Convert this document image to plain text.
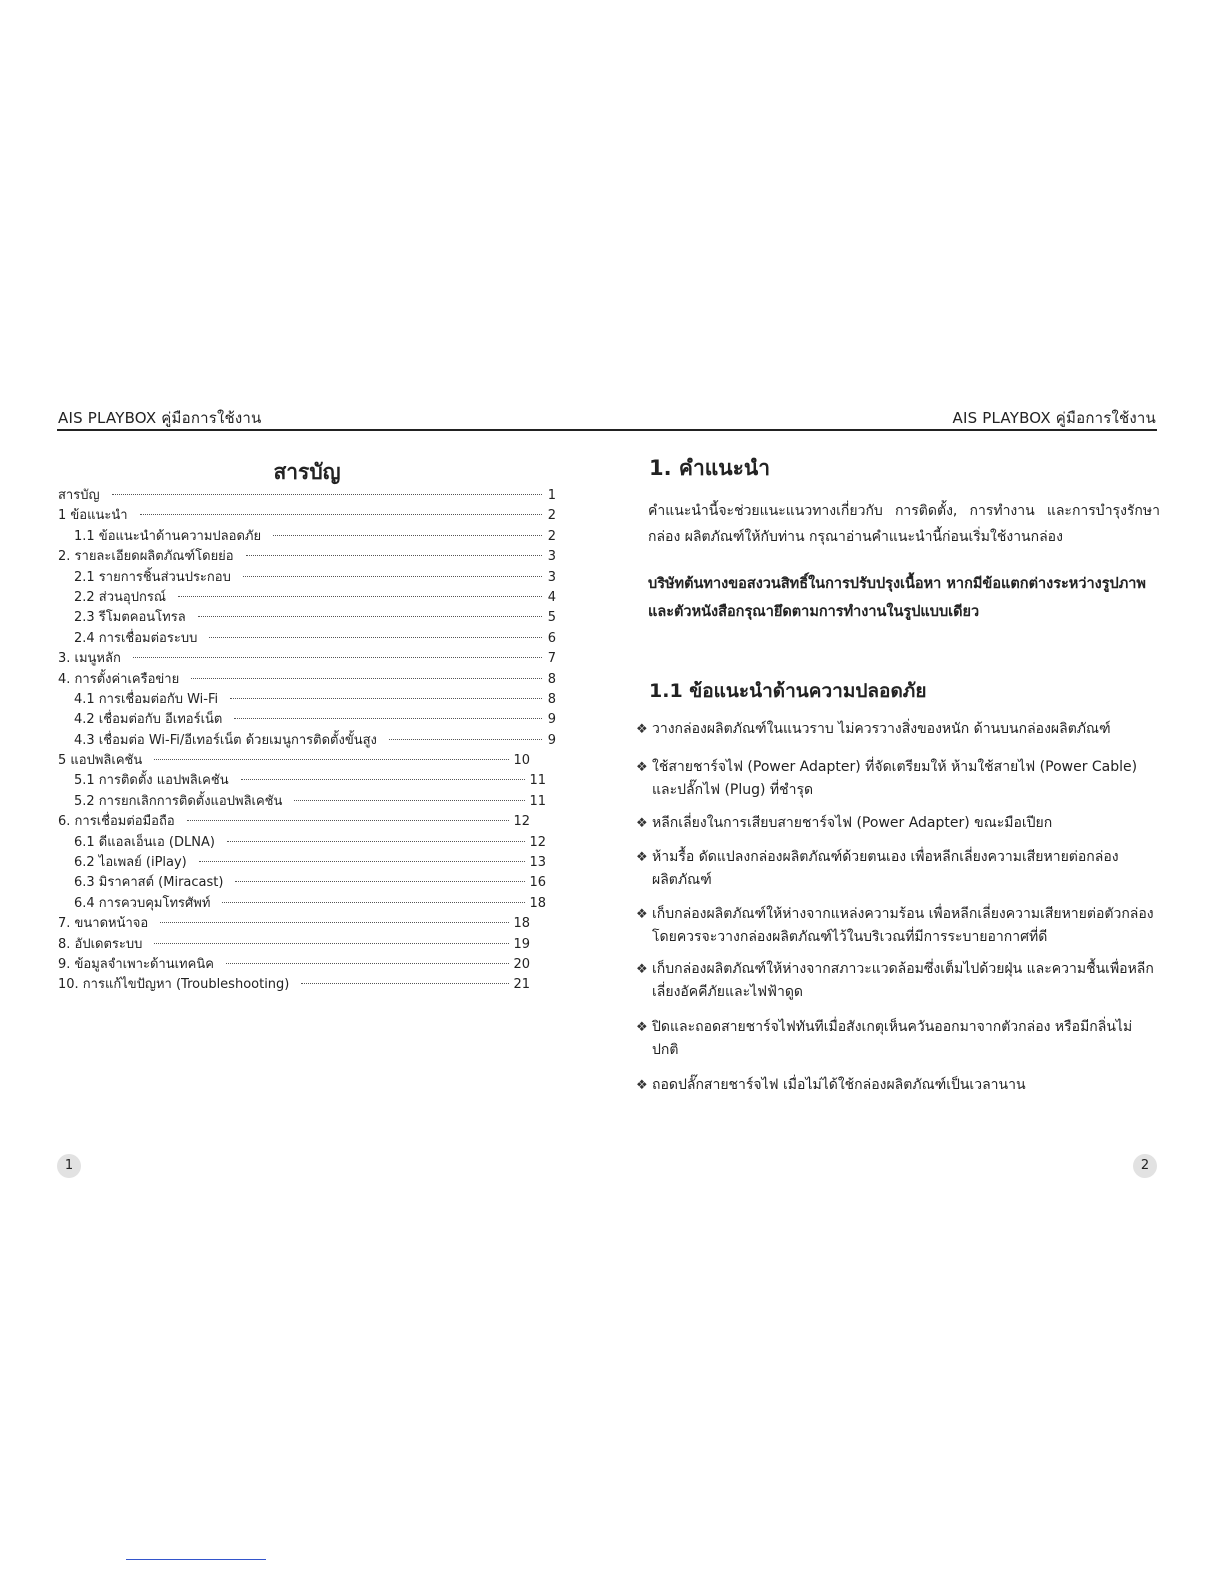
AIS PLAYBOX คู่มือการใช้งาน	AIS PLAYBOX คู่มือการใช้งาน
สารบัญ
สารบัญ	1
1 ข้อแนะนำ	2
1.1 ข้อแนะนำด้านความปลอดภัย	2
2. รายละเอียดผลิตภัณฑ์โดยย่อ	3
2.1 รายการชิ้นส่วนประกอบ	3
2.2 ส่วนอุปกรณ์	4
2.3 รีโมตคอนโทรล	5
2.4 การเชื่อมต่อระบบ	6
3. เมนูหลัก	7
4. การตั้งค่าเครือข่าย	8
4.1 การเชื่อมต่อกับ Wi-Fi	8
4.2 เชื่อมต่อกับ อีเทอร์เน็ต	9
4.3 เชื่อมต่อ Wi-Fi/อีเทอร์เน็ต ด้วยเมนูการติดตั้งขั้นสูง	9
5 แอปพลิเคชัน	10
5.1 การติดตั้ง แอปพลิเคชัน	11
5.2 การยกเลิกการติดตั้งแอปพลิเคชัน	11
6. การเชื่อมต่อมือถือ	12
6.1 ดีแอลเอ็นเอ (DLNA)	12
6.2 ไอเพลย์ (iPlay)	13
6.3 มิราคาสต์ (Miracast)	16
6.4 การควบคุมโทรศัพท์	18
7. ขนาดหน้าจอ	18
8. อัปเดตระบบ	19
9. ข้อมูลจำเพาะด้านเทคนิค	20
10. การแก้ไขปัญหา (Troubleshooting)	21
1. คำแนะนำ

คำแนะนำนี้จะช่วยแนะแนวทางเกี่ยวกับ การติดตั้ง, การทำงาน และการบำรุงรักษากล่อง ผลิตภัณฑ์ให้กับท่าน กรุณาอ่านคำแนะนำนี้ก่อนเริ่มใช้งานกล่อง

บริษัทต้นทางขอสงวนสิทธิ์ในการปรับปรุงเนื้อหา หากมีข้อแตกต่างระหว่างรูปภาพและตัวหนังสือกรุณายึดตามการทำงานในรูปแบบเดียว

1.1 ข้อแนะนำด้านความปลอดภัย
❖ วางกล่องผลิตภัณฑ์ในแนวราบ ไม่ควรวางสิ่งของหนัก ด้านบนกล่องผลิตภัณฑ์
❖ ใช้สายชาร์จไฟ (Power Adapter) ที่จัดเตรียมให้ ห้ามใช้สายไฟ (Power Cable) และปลั๊กไฟ (Plug) ที่ชำรุด
❖ หลีกเลี่ยงในการเสียบสายชาร์จไฟ (Power Adapter) ขณะมือเปียก
❖ ห้ามรื้อ ดัดแปลงกล่องผลิตภัณฑ์ด้วยตนเอง เพื่อหลีกเลี่ยงความเสียหายต่อกล่องผลิตภัณฑ์
❖ เก็บกล่องผลิตภัณฑ์ให้ห่างจากแหล่งความร้อน เพื่อหลีกเลี่ยงความเสียหายต่อตัวกล่อง โดยควรจะวางกล่องผลิตภัณฑ์ไว้ในบริเวณที่มีการระบายอากาศที่ดี
❖ เก็บกล่องผลิตภัณฑ์ให้ห่างจากสภาวะแวดล้อมซึ่งเต็มไปด้วยฝุ่น และความชื้นเพื่อหลีกเลี่ยงอัคคีภัยและไฟฟ้าดูด
❖ ปิดและถอดสายชาร์จไฟทันทีเมื่อสังเกตุเห็นควันออกมาจากตัวกล่อง หรือมีกลิ่นไม่ปกติ
❖ ถอดปลั๊กสายชาร์จไฟ เมื่อไม่ได้ใช้กล่องผลิตภัณฑ์เป็นเวลานาน
1	2
